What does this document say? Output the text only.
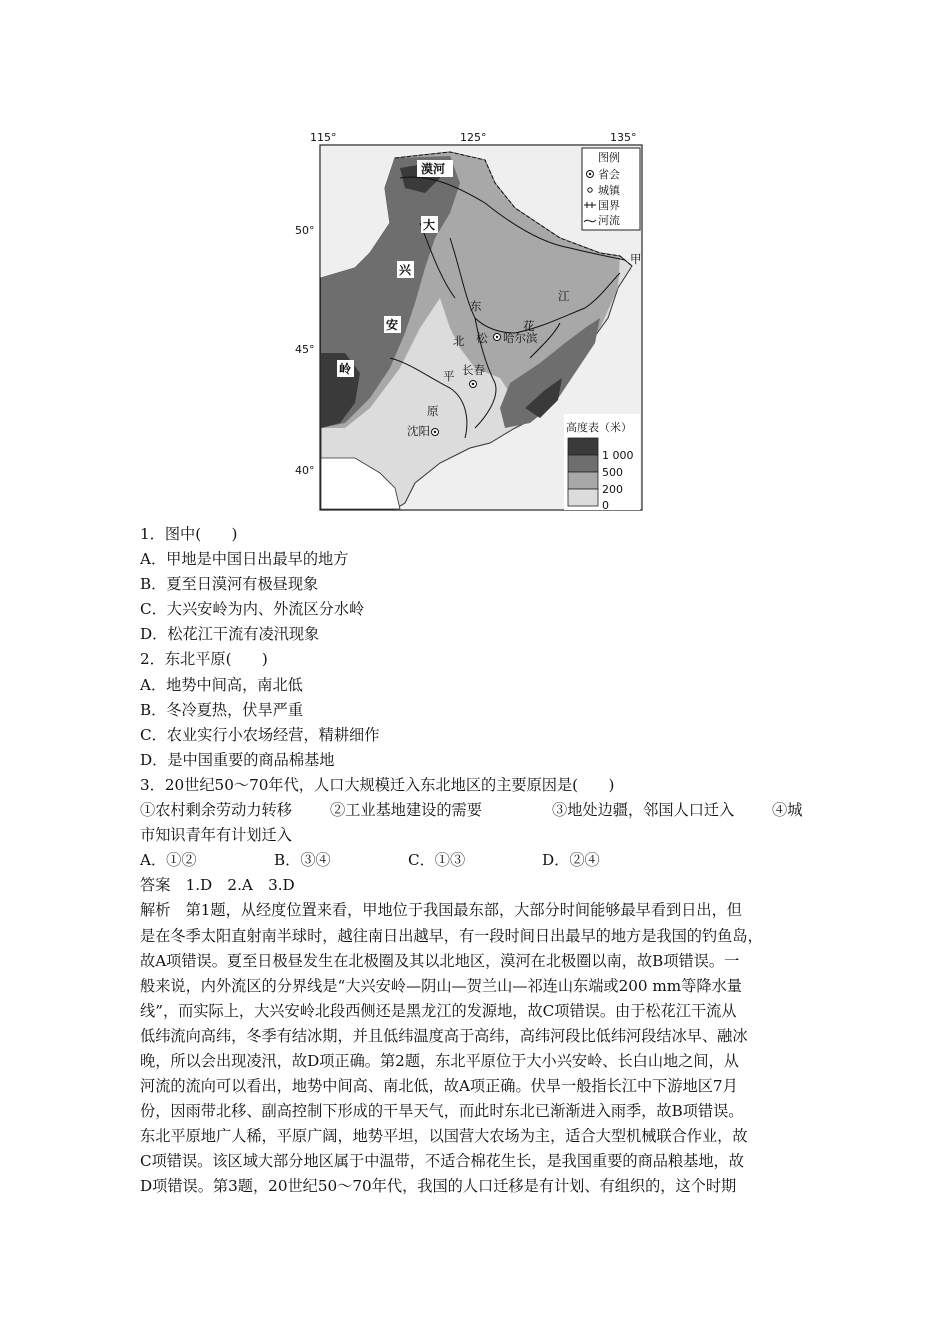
115°	125°	135°
50°
45°
40°
漠河
大
兴
安
岭
甲
东
北
平
原
松
花
江
哈尔滨
长春
沈阳
图例
省会
城镇
国界
河流
高度表（米）
1 000
500
200
0
1．图中(　　)
A．甲地是中国日出最早的地方
B．夏至日漠河有极昼现象
C．大兴安岭为内、外流区分水岭
D．松花江干流有凌汛现象
2．东北平原(　　)
A．地势中间高，南北低
B．冬冷夏热，伏旱严重
C．农业实行小农场经营，精耕细作
D．是中国重要的商品棉基地
3．20世纪50～70年代，人口大规模迁入东北地区的主要原因是(　　)
①农村剩余劳动力转移	②工业基地建设的需要	③地处边疆，邻国人口迁入	④城
市知识青年有计划迁入
A．①②	B．③④	C．①③	D．②④
答案　1.D　2.A　3.D
解析　第1题，从经度位置来看，甲地位于我国最东部，大部分时间能够最早看到日出，但
是在冬季太阳直射南半球时，越往南日出越早，有一段时间日出最早的地方是我国的钓鱼岛，
故A项错误。夏至日极昼发生在北极圈及其以北地区，漠河在北极圈以南，故B项错误。一
般来说，内外流区的分界线是“大兴安岭—阴山—贺兰山—祁连山东端或200 mm等降水量
线”，而实际上，大兴安岭北段西侧还是黑龙江的发源地，故C项错误。由于松花江干流从
低纬流向高纬，冬季有结冰期，并且低纬温度高于高纬，高纬河段比低纬河段结冰早、融冰
晚，所以会出现凌汛，故D项正确。第2题，东北平原位于大小兴安岭、长白山地之间，从
河流的流向可以看出，地势中间高、南北低，故A项正确。伏旱一般指长江中下游地区7月
份，因雨带北移、副高控制下形成的干旱天气，而此时东北已渐渐进入雨季，故B项错误。
东北平原地广人稀，平原广阔，地势平坦，以国营大农场为主，适合大型机械联合作业，故
C项错误。该区域大部分地区属于中温带，不适合棉花生长，是我国重要的商品粮基地，故
D项错误。第3题，20世纪50～70年代，我国的人口迁移是有计划、有组织的，这个时期
